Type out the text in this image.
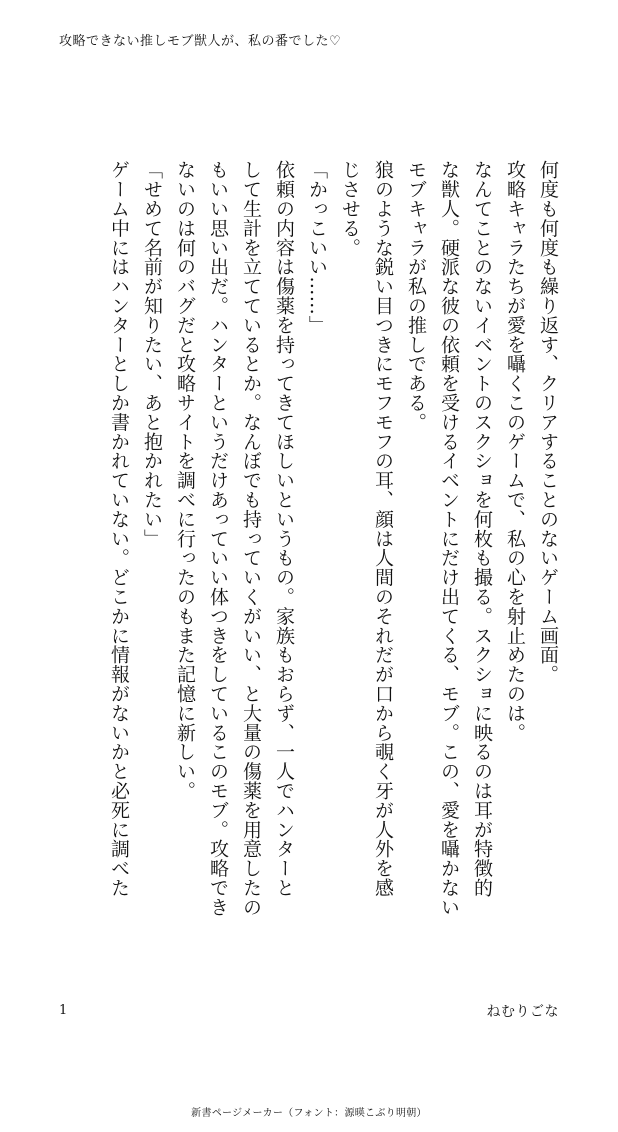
攻略できない推しモブ獣人が、私の番でした♡

何度も何度も繰り返す、クリアすることのないゲーム画面。

攻略キャラたちが愛を囁くこのゲームで、私の心を射止めたのは。

なんてことのないイベントのスクショを何枚も撮る。スクショに映るのは耳が特徴的

な獣人。硬派な彼の依頼を受けるイベントにだけ出てくる、モブ。この、愛を囁かない

モブキャラが私の推しである。

狼のような鋭い目つきにモフモフの耳、顔は人間のそれだが口から覗く牙が人外を感

じさせる。

「かっこいい……」

依頼の内容は傷薬を持ってきてほしいというもの。家族もおらず、一人でハンターと

して生計を立てているとか。なんぼでも持っていくがいい、と大量の傷薬を用意したの

もいい思い出だ。ハンターというだけあっていい体つきをしているこのモブ。攻略でき

ないのは何のバグだと攻略サイトを調べに行ったのもまた記憶に新しい。

「せめて名前が知りたい、あと抱かれたい」

ゲーム中にはハンターとしか書かれていない。どこかに情報がないかと必死に調べた

1	ねむりごな
新書ページメーカー（フォント：源暎こぶり明朝）
